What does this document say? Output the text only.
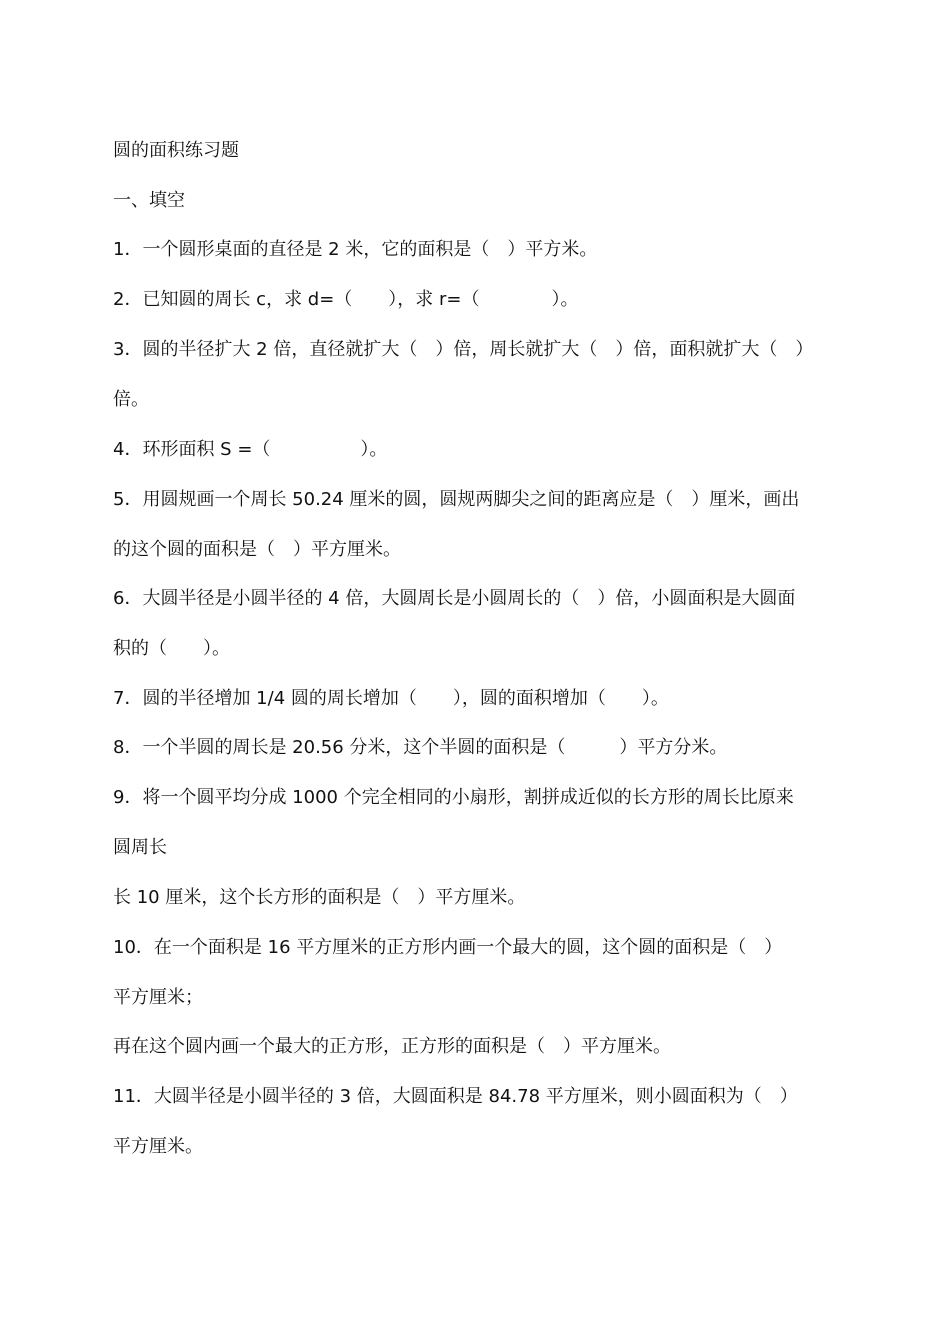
圆的面积练习题
一、填空
1．一个圆形桌面的直径是 2 米，它的面积是（　）平方米。
2．已知圆的周长 c，求 d=（　　），求 r=（　　　　）。
3．圆的半径扩大 2 倍，直径就扩大（　）倍，周长就扩大（　）倍，面积就扩大（　）
倍。
4．环形面积 S =（　　　　　）。
5．用圆规画一个周长 50.24 厘米的圆，圆规两脚尖之间的距离应是（　）厘米，画出
的这个圆的面积是（　）平方厘米。
6．大圆半径是小圆半径的 4 倍，大圆周长是小圆周长的（　）倍，小圆面积是大圆面
积的（　　）。
7．圆的半径增加 1/4 圆的周长增加（　　），圆的面积增加（　　）。
8．一个半圆的周长是 20.56 分米，这个半圆的面积是（　　　）平方分米。
9．将一个圆平均分成 1000 个完全相同的小扇形，割拼成近似的长方形的周长比原来
圆周长
长 10 厘米，这个长方形的面积是（　）平方厘米。
10．在一个面积是 16 平方厘米的正方形内画一个最大的圆，这个圆的面积是（　）
平方厘米；
再在这个圆内画一个最大的正方形，正方形的面积是（　）平方厘米。
11．大圆半径是小圆半径的 3 倍，大圆面积是 84.78 平方厘米，则小圆面积为（　）
平方厘米。
